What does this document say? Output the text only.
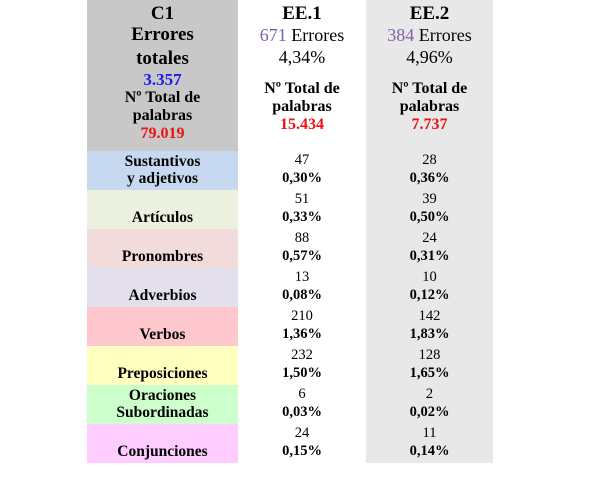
C1
Errores
totales
3.357
Nº Total de
palabras
79.019
EE.1
671 Errores
4,34%
Nº Total de
palabras
15.434
EE.2
384 Errores
4,96%
Nº Total de
palabras
7.737
Sustantivos
y adjetivos
47
0,30%
28
0,36%
Artículos
51
0,33%
39
0,50%
Pronombres
88
0,57%
24
0,31%
Adverbios
13
0,08%
10
0,12%
Verbos
210
1,36%
142
1,83%
Preposiciones
232
1,50%
128
1,65%
Oraciones
Subordinadas
6
0,03%
2
0,02%
Conjunciones
24
0,15%
11
0,14%
